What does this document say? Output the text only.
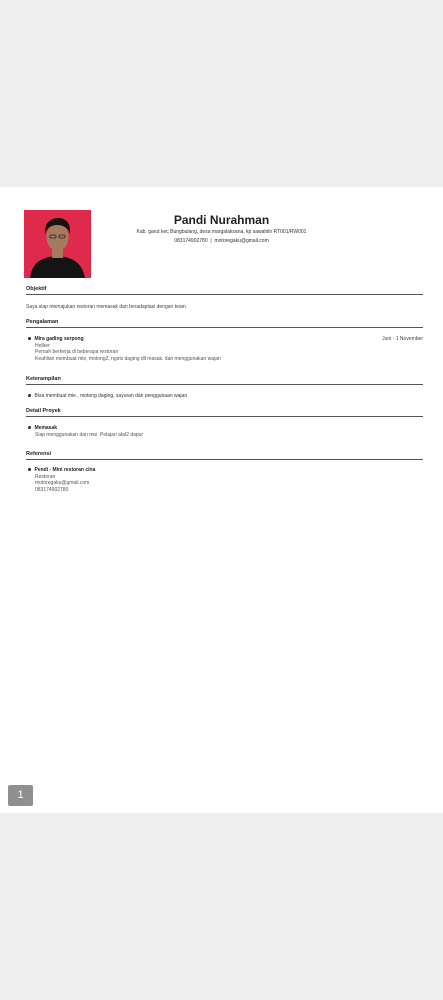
Pandi Nurahman
Kab. garut kec Bungbulang, desa margalaksana, kp sawahilir RT001/RW001
083174902780 | motoregaku@gmail.com
Objektif
Saya siap memajukan restoran memasak dan beradaptasi dengan team
Pengalaman
Mira gading serpong
Helber
Pernah berkerja di beberapa restoran
Keahlian membuat mie, motong2, ngiris daging dll masak. dan menggunakan wajan
Juni - 1 November
Keterampilan
Bisa membuat mie , motong daging, sayuran dan penggunaan wajan
Detail Proyek
Memasak
Siap menggunakan dan mie. Pelajari alat2 dapur
Referensi
Pendi - Mini restoran cina
Restoran
motoregaku@gmail.com
083174902780
1
